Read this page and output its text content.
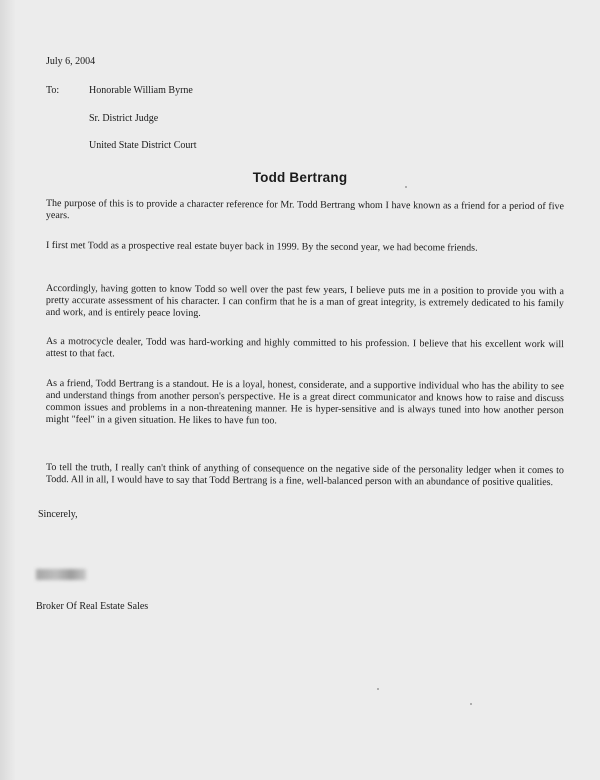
July 6, 2004
To:	Honorable William Byrne
Sr. District Judge
United State District Court
Todd Bertrang
The purpose of this is to provide a character reference for Mr. Todd Bertrang whom I have known as a friend for a period of five years.
I first met Todd as a prospective real estate buyer back in 1999. By the second year, we had become friends.
Accordingly, having gotten to know Todd so well over the past few years, I believe puts me in a position to provide you with a pretty accurate assessment of his character. I can confirm that he is a man of great integrity, is extremely dedicated to his family and work, and is entirely peace loving.
As a motrocycle dealer, Todd was hard-working and highly committed to his profession. I believe that his excellent work will attest to that fact.
As a friend, Todd Bertrang is a standout. He is a loyal, honest, considerate, and a supportive individual who has the ability to see and understand things from another person's perspective. He is a great direct communicator and knows how to raise and discuss common issues and problems in a non-threatening manner. He is hyper-sensitive and is always tuned into how another person might "feel" in a given situation. He likes to have fun too.
To tell the truth, I really can't think of anything of consequence on the negative side of the personality ledger when it comes to Todd. All in all, I would have to say that Todd Bertrang is a fine, well-balanced person with an abundance of positive qualities.
Sincerely,
Broker Of Real Estate Sales
